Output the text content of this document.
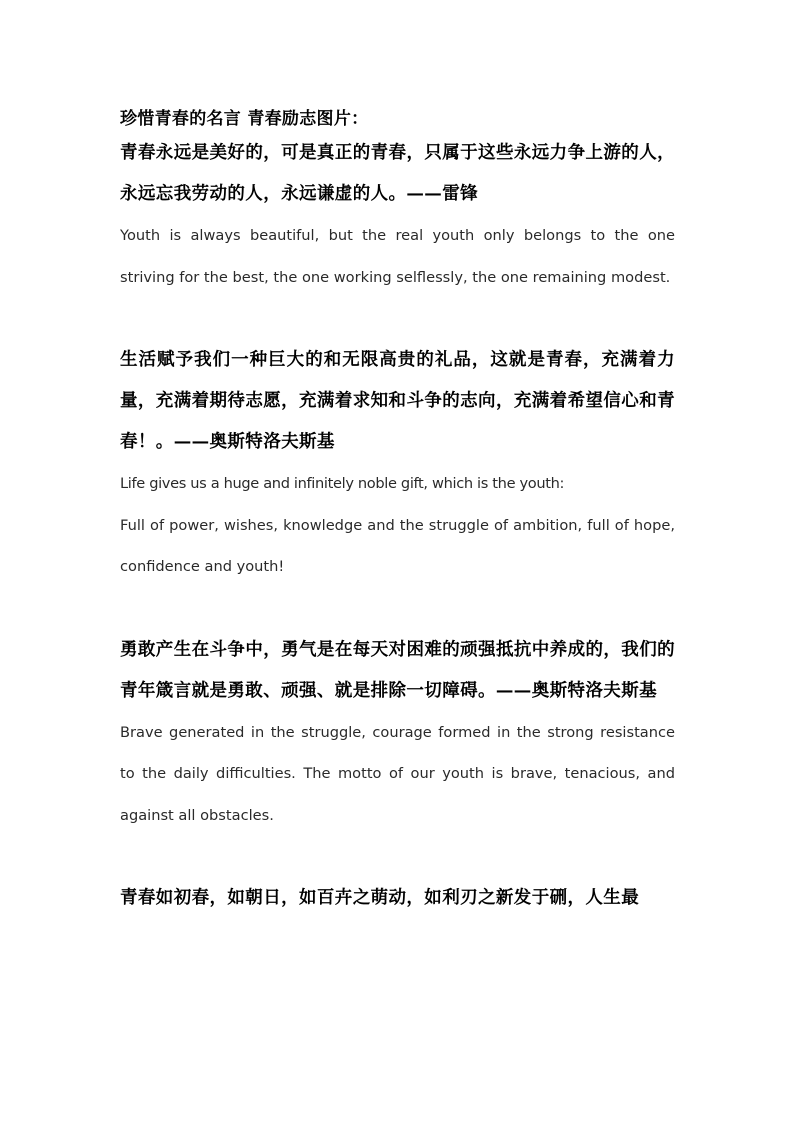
珍惜青春的名言 青春励志图片：

青春永远是美好的，可是真正的青春，只属于这些永远力争上游的人，永远忘我劳动的人，永远谦虚的人。——雷锋

Youth is always beautiful, but the real youth only belongs to the one striving for the best, the one working selflessly, the one remaining modest.

生活赋予我们一种巨大的和无限高贵的礼品，这就是青春，充满着力量，充满着期待志愿，充满着求知和斗争的志向，充满着希望信心和青春！。——奥斯特洛夫斯基

Life gives us a huge and infinitely noble gift, which is the youth:

Full of power, wishes, knowledge and the struggle of ambition, full of hope, confidence and youth!

勇敢产生在斗争中，勇气是在每天对困难的顽强抵抗中养成的，我们的青年箴言就是勇敢、顽强、就是排除一切障碍。——奥斯特洛夫斯基

Brave generated in the struggle, courage formed in the strong resistance to the daily difficulties. The motto of our youth is brave, tenacious, and against all obstacles.

青春如初春，如朝日，如百卉之萌动，如利刃之新发于硎，人生最
